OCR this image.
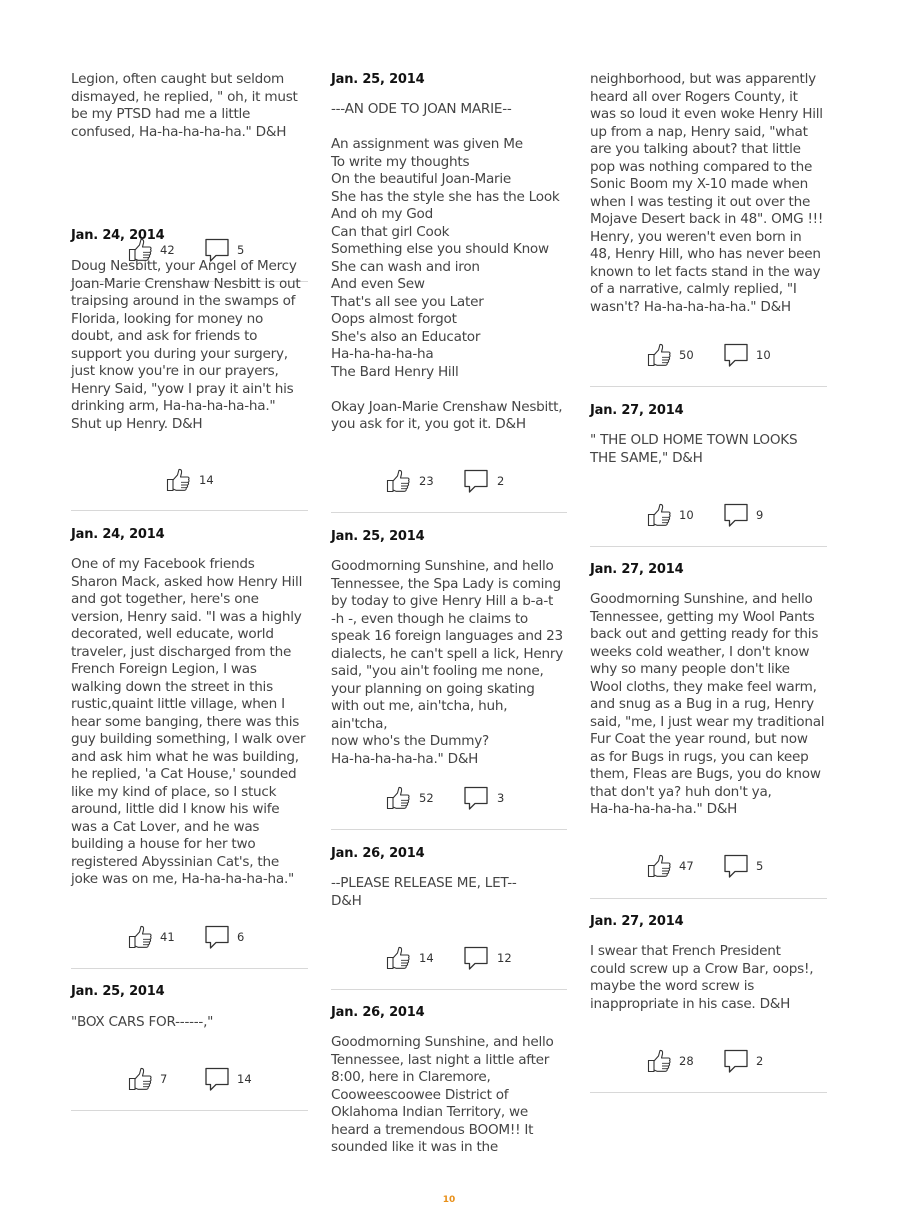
Legion, often caught but seldom
dismayed, he replied, " oh, it must
be my PTSD had me a little
confused, Ha-ha-ha-ha-ha." D&H
42	5
Jan. 24, 2014
Doug Nesbitt, your Angel of Mercy
Joan-Marie Crenshaw Nesbitt is out
traipsing around in the swamps of
Florida, looking for money no
doubt, and ask for friends to
support you during your surgery,
just know you're in our prayers,
Henry Said, "yow I pray it ain't his
drinking arm, Ha-ha-ha-ha-ha."
Shut up Henry. D&H
14
Jan. 24, 2014
One of my Facebook friends
Sharon Mack, asked how Henry Hill
and got together, here's one
version, Henry said. "I was a highly
decorated, well educate, world
traveler, just discharged from the
French Foreign Legion, I was
walking down the street in this
rustic,quaint little village, when I
hear some banging, there was this
guy building something, I walk over
and ask him what he was building,
he replied, 'a Cat House,' sounded
like my kind of place, so I stuck
around, little did I know his wife
was a Cat Lover, and he was
building a house for her two
registered Abyssinian Cat's, the
joke was on me, Ha-ha-ha-ha-ha."
41	6
Jan. 25, 2014
"BOX CARS FOR------,"
7	14
Jan. 25, 2014
---AN ODE TO JOAN MARIE--

An assignment was given Me
To write my thoughts
On the beautiful Joan-Marie
She has the style she has the Look
And oh my God
Can that girl Cook
Something else you should Know
She can wash and iron
And even Sew
That's all see you Later
Oops almost forgot
She's also an Educator
Ha-ha-ha-ha-ha
The Bard Henry Hill

Okay Joan-Marie Crenshaw Nesbitt,
you ask for it, you got it. D&H
23	2
Jan. 25, 2014
Goodmorning Sunshine, and hello
Tennessee, the Spa Lady is coming
by today to give Henry Hill a b-a-t
-h -, even though he claims to
speak 16 foreign languages and 23
dialects, he can't spell a lick, Henry
said, "you ain't fooling me none,
your planning on going skating
with out me, ain'tcha, huh, ain'tcha,
now who's the Dummy?
Ha-ha-ha-ha-ha." D&H
52	3
Jan. 26, 2014
--PLEASE RELEASE ME, LET--
D&H
14	12
Jan. 26, 2014
Goodmorning Sunshine, and hello
Tennessee, last night a little after
8:00, here in Claremore,
Cooweescoowee District of
Oklahoma Indian Territory, we
heard a tremendous BOOM!! It
sounded like it was in the
neighborhood, but was apparently
heard all over Rogers County, it
was so loud it even woke Henry Hill
up from a nap, Henry said, "what
are you talking about? that little
pop was nothing compared to the
Sonic Boom my X-10 made when
when I was testing it out over the
Mojave Desert back in 48". OMG !!!
Henry, you weren't even born in
48, Henry Hill, who has never been
known to let facts stand in the way
of a narrative, calmly replied, "I
wasn't? Ha-ha-ha-ha-ha." D&H
50	10
Jan. 27, 2014
" THE OLD HOME TOWN LOOKS
THE SAME," D&H
10	9
Jan. 27, 2014
Goodmorning Sunshine, and hello
Tennessee, getting my Wool Pants
back out and getting ready for this
weeks cold weather, I don't know
why so many people don't like
Wool cloths, they make feel warm,
and snug as a Bug in a rug, Henry
said, "me, I just wear my traditional
Fur Coat the year round, but now
as for Bugs in rugs, you can keep
them, Fleas are Bugs, you do know
that don't ya? huh don't ya,
Ha-ha-ha-ha-ha." D&H
47	5
Jan. 27, 2014
I swear that French President
could screw up a Crow Bar, oops!,
maybe the word screw is
inappropriate in his case. D&H
28	2
10
